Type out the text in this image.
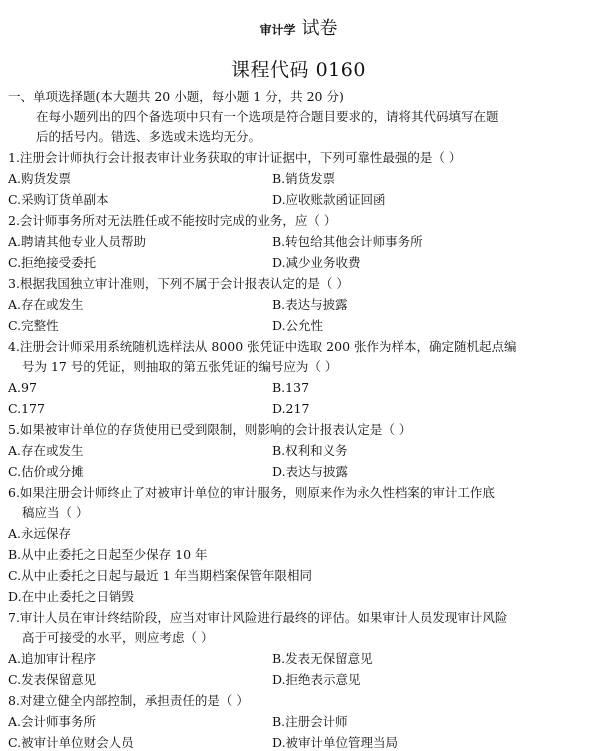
审计学 试卷
课程代码 0160
一、单项选择题(本大题共 20 小题，每小题 1 分，共 20 分)
在每小题列出的四个备选项中只有一个选项是符合题目要求的，请将其代码填写在题
后的括号内。错选、多选或未选均无分。
1.注册会计师执行会计报表审计业务获取的审计证据中，下列可靠性最强的是（ ）
A.购货发票	B.销货发票
C.采购订货单副本	D.应收账款函证回函
2.会计师事务所对无法胜任或不能按时完成的业务，应（ ）
A.聘请其他专业人员帮助	B.转包给其他会计师事务所
C.拒绝接受委托	D.减少业务收费
3.根据我国独立审计准则，下列不属于会计报表认定的是（ ）
A.存在或发生	B.表达与披露
C.完整性	D.公允性
4.注册会计师采用系统随机选样法从 8000 张凭证中选取 200 张作为样本，确定随机起点编
号为 17 号的凭证，则抽取的第五张凭证的编号应为（ ）
A.97	B.137
C.177	D.217
5.如果被审计单位的存货使用已受到限制，则影响的会计报表认定是（ ）
A.存在或发生	B.权利和义务
C.估价或分摊	D.表达与披露
6.如果注册会计师终止了对被审计单位的审计服务，则原来作为永久性档案的审计工作底
稿应当（ ）
A.永远保存
B.从中止委托之日起至少保存 10 年
C.从中止委托之日起与最近 1 年当期档案保管年限相同
D.在中止委托之日销毁
7.审计人员在审计终结阶段，应当对审计风险进行最终的评估。如果审计人员发现审计风险
高于可接受的水平，则应考虑（ ）
A.追加审计程序	B.发表无保留意见
C.发表保留意见	D.拒绝表示意见
8.对建立健全内部控制，承担责任的是（ ）
A.会计师事务所	B.注册会计师
C.被审计单位财会人员	D.被审计单位管理当局
